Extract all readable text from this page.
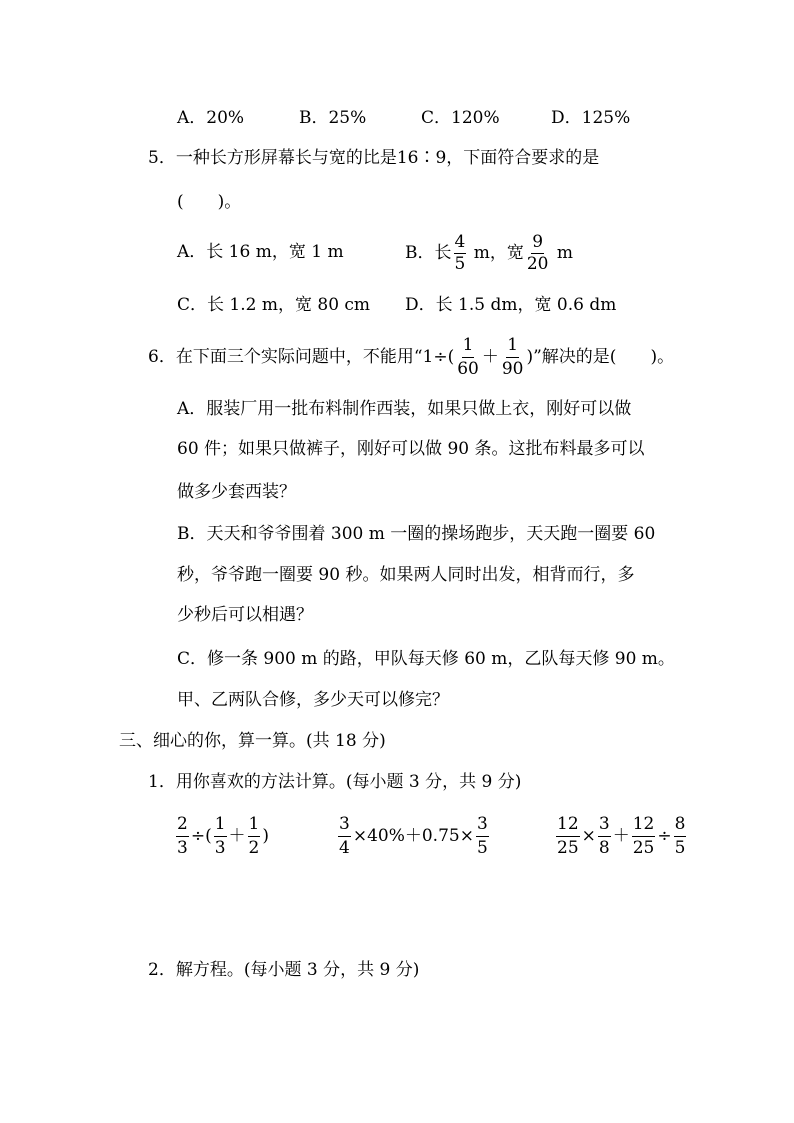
A．20%	B．25%	C．120%	D．125%
5．一种长方形屏幕长与宽的比是16∶9，下面符合要求的是
(　　)。
A．长 16 m，宽 1 m	B．长 $\frac{4}{5}$ m，宽 $\frac{9}{20}$ m
C．长 1.2 m，宽 80 cm D．长 1.5 dm，宽 0.6 dm
6．在下面三个实际问题中，不能用“$1\div( \frac{1}{60} + \frac{1}{90}$ )”解决的是(　　)。
A．服装厂用一批布料制作西装，如果只做上衣，刚好可以做
60 件；如果只做裤子，刚好可以做 90 条。这批布料最多可以
做多少套西装？
B．天天和爷爷围着 300 m 一圈的操场跑步，天天跑一圈要 60
秒，爷爷跑一圈要 90 秒。如果两人同时出发，相背而行，多
少秒后可以相遇？
C．修一条 900 m 的路，甲队每天修 60 m，乙队每天修 90 m。
甲、乙两队合修，多少天可以修完？
三、细心的你，算一算。(共 18 分)
1．用你喜欢的方法计算。(每小题 3 分，共 9 分)
$\frac{2}{3}$ ÷( $\frac{1}{3} + \frac{1}{2}$ )	$\frac{3}{4} \times 40\%+0.75\times \frac{3}{5}$	$\frac{12}{25} \times \frac{3}{8} + \frac{12}{25} \div \frac{8}{5}$
2．解方程。(每小题 3 分，共 9 分)
